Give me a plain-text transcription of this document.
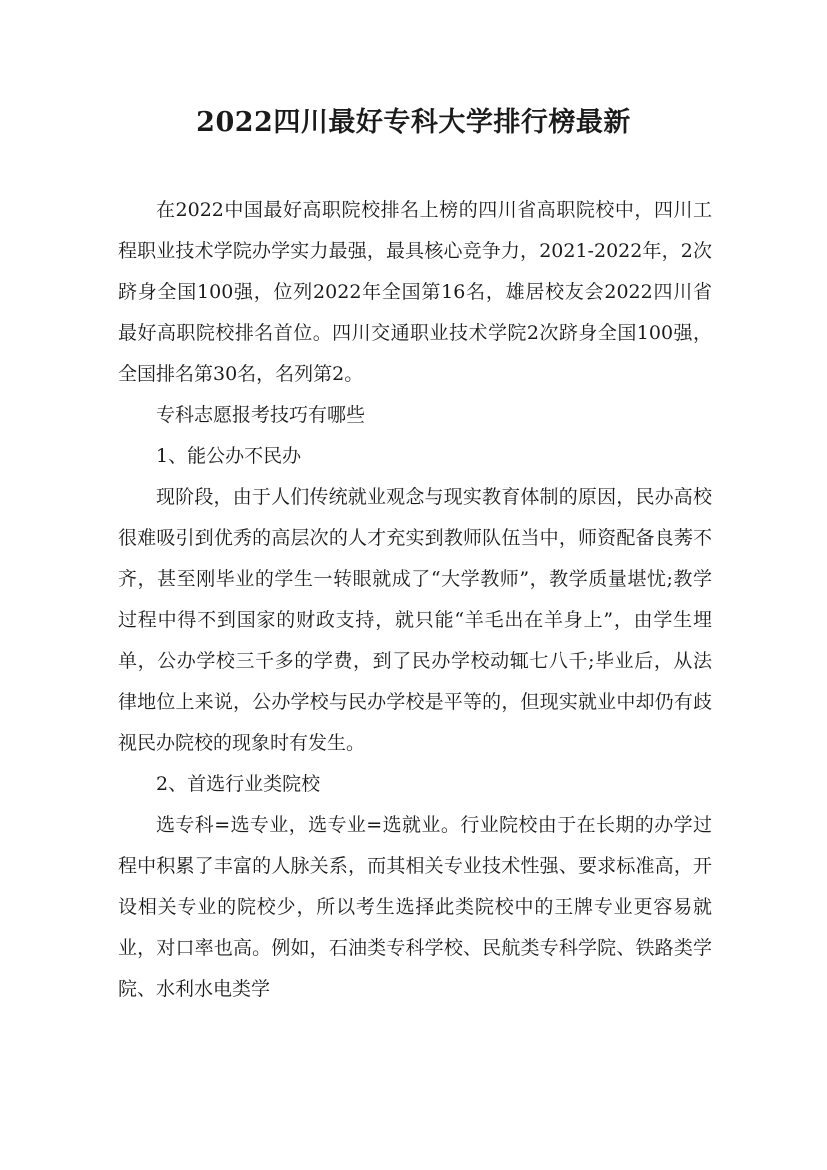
2022四川最好专科大学排行榜最新

在2022中国最好高职院校排名上榜的四川省高职院校中，四川工程职业技术学院办学实力最强，最具核心竞争力，2021-2022年，2次跻身全国100强，位列2022年全国第16名，雄居校友会2022四川省最好高职院校排名首位。四川交通职业技术学院2次跻身全国100强，全国排名第30名，名列第2。

专科志愿报考技巧有哪些

1、能公办不民办

现阶段，由于人们传统就业观念与现实教育体制的原因，民办高校很难吸引到优秀的高层次的人才充实到教师队伍当中，师资配备良莠不齐，甚至刚毕业的学生一转眼就成了“大学教师”，教学质量堪忧;教学过程中得不到国家的财政支持，就只能“羊毛出在羊身上”，由学生埋单，公办学校三千多的学费，到了民办学校动辄七八千;毕业后，从法律地位上来说，公办学校与民办学校是平等的，但现实就业中却仍有歧视民办院校的现象时有发生。

2、首选行业类院校

选专科=选专业，选专业=选就业。行业院校由于在长期的办学过程中积累了丰富的人脉关系，而其相关专业技术性强、要求标准高，开设相关专业的院校少，所以考生选择此类院校中的王牌专业更容易就业，对口率也高。例如，石油类专科学校、民航类专科学院、铁路类学院、水利水电类学
